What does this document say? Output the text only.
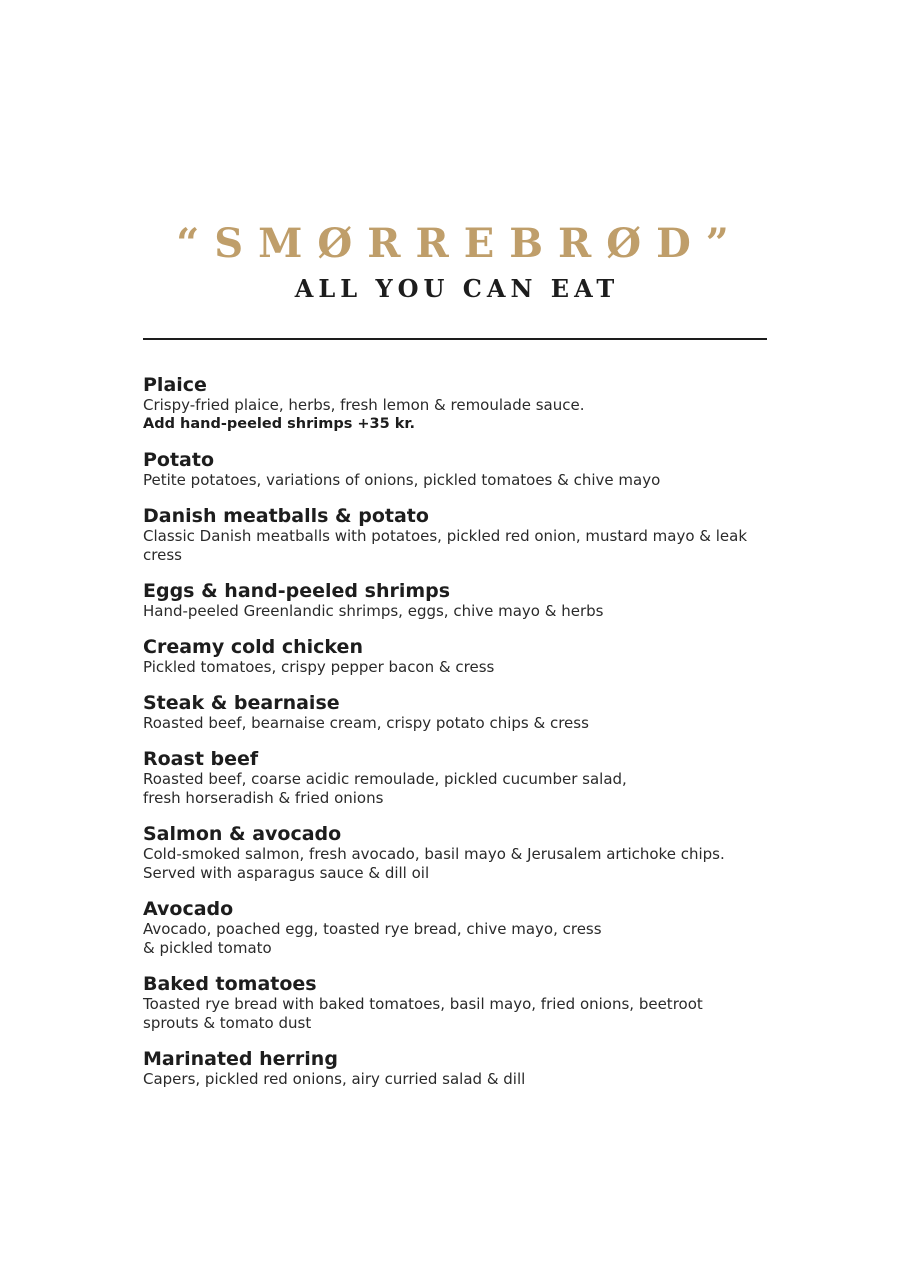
“SMØRREBRØD”
ALL YOU CAN EAT
Plaice
Crispy-fried plaice, herbs, fresh lemon & remoulade sauce.
Add hand-peeled shrimps +35 kr.
Potato
Petite potatoes, variations of onions, pickled tomatoes & chive mayo
Danish meatballs & potato
Classic Danish meatballs with potatoes, pickled red onion, mustard mayo & leak cress
Eggs & hand-peeled shrimps
Hand-peeled Greenlandic shrimps, eggs, chive mayo & herbs
Creamy cold chicken
Pickled tomatoes, crispy pepper bacon & cress
Steak & bearnaise
Roasted beef, bearnaise cream, crispy potato chips & cress
Roast beef
Roasted beef, coarse acidic remoulade, pickled cucumber salad,
fresh horseradish & fried onions
Salmon & avocado
Cold-smoked salmon, fresh avocado, basil mayo & Jerusalem artichoke chips.
Served with asparagus sauce & dill oil
Avocado
Avocado, poached egg, toasted rye bread, chive mayo, cress
& pickled tomato
Baked tomatoes
Toasted rye bread with baked tomatoes, basil mayo, fried onions, beetroot
sprouts & tomato dust
Marinated herring
Capers, pickled red onions, airy curried salad & dill
